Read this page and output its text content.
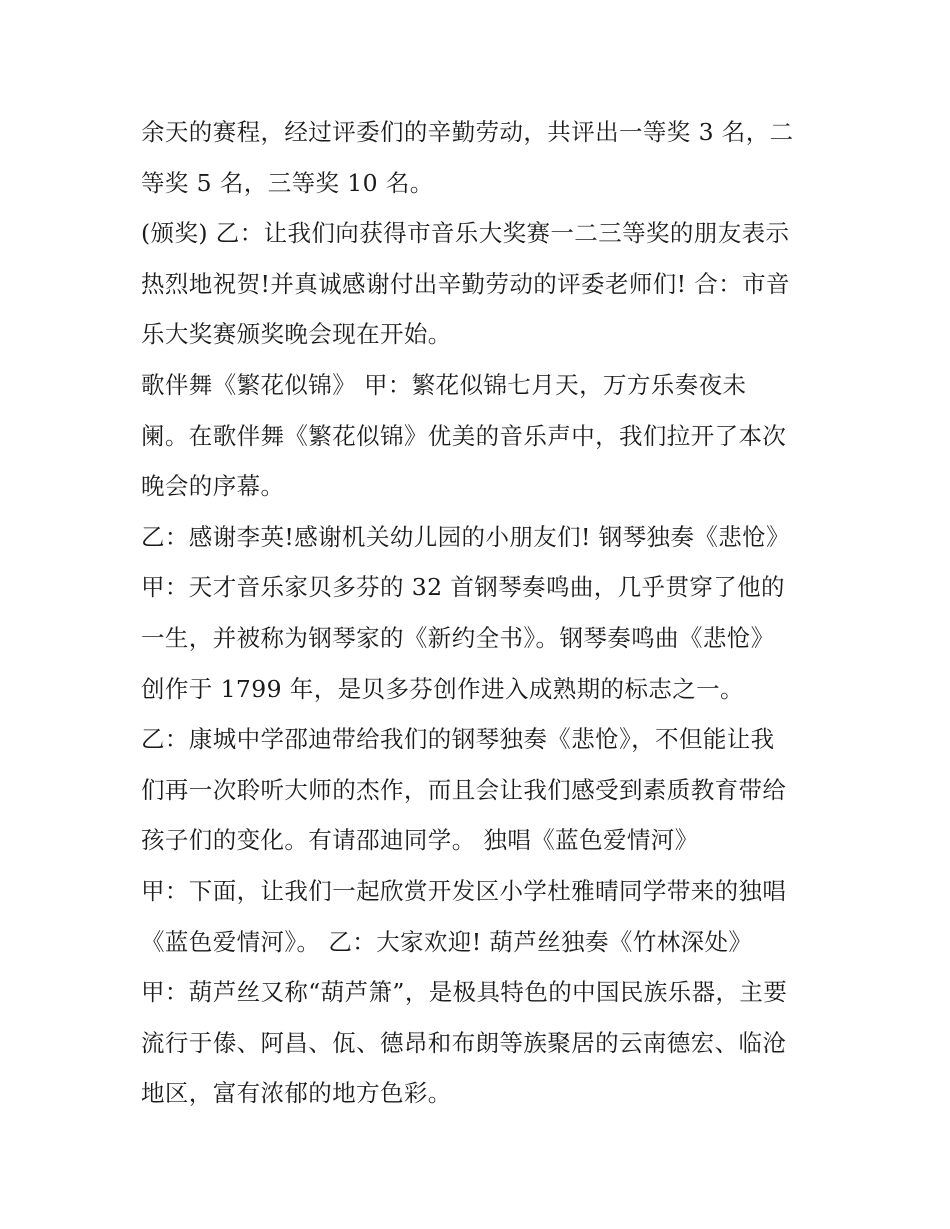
余天的赛程，经过评委们的辛勤劳动，共评出一等奖 3 名，二

等奖 5 名，三等奖 10 名。

(颁奖) 乙：让我们向获得市音乐大奖赛一二三等奖的朋友表示

热烈地祝贺!并真诚感谢付出辛勤劳动的评委老师们! 合：市音

乐大奖赛颁奖晚会现在开始。

歌伴舞《繁花似锦》 甲：繁花似锦七月天，万方乐奏夜未

阑。在歌伴舞《繁花似锦》优美的音乐声中，我们拉开了本次

晚会的序幕。

乙：感谢李英!感谢机关幼儿园的小朋友们! 钢琴独奏《悲怆》

甲：天才音乐家贝多芬的 32 首钢琴奏鸣曲，几乎贯穿了他的

一生，并被称为钢琴家的《新约全书》。钢琴奏鸣曲《悲怆》

创作于 1799 年，是贝多芬创作进入成熟期的标志之一。

乙：康城中学邵迪带给我们的钢琴独奏《悲怆》，不但能让我

们再一次聆听大师的杰作，而且会让我们感受到素质教育带给

孩子们的变化。有请邵迪同学。 独唱《蓝色爱情河》

甲：下面，让我们一起欣赏开发区小学杜雅晴同学带来的独唱

《蓝色爱情河》。 乙：大家欢迎! 葫芦丝独奏《竹林深处》

甲：葫芦丝又称“葫芦箫”，是极具特色的中国民族乐器，主要

流行于傣、阿昌、佤、德昂和布朗等族聚居的云南德宏、临沧

地区，富有浓郁的地方色彩。
